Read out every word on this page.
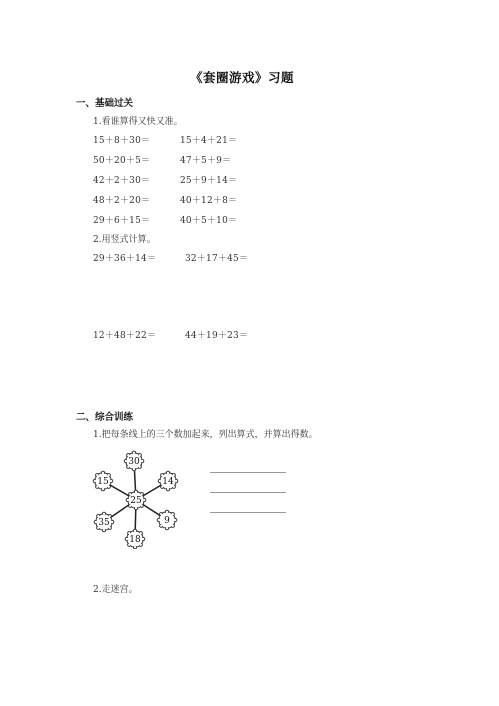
《套圈游戏》习题
一、基础过关
1.看谁算得又快又准。
15＋8＋30＝	15＋4＋21＝
50＋20＋5＝	47＋5＋9＝
42＋2＋30＝	25＋9＋14＝
48＋2＋20＝	40＋12＋8＝
29＋6＋15＝	40＋5＋10＝
2.用竖式计算。
29＋36＋14＝	32＋17＋45＝
12＋48＋22＝	44＋19＋23＝
二、综合训练
1.把每条线上的三个数加起来，列出算式，并算出得数。
25
30
14
9
18
35
15
2.走迷宫。
